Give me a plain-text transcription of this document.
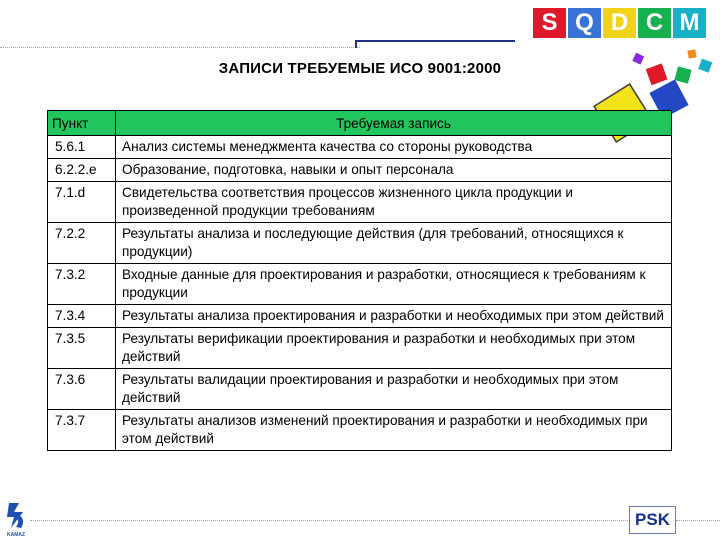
S Q D C M
ЗАПИСИ ТРЕБУЕМЫЕ ИСО 9001:2000
Пункт	Требуемая запись
5.6.1	Анализ системы менеджмента качества со стороны руководства
6.2.2.e	Образование, подготовка, навыки и опыт персонала
7.1.d	Свидетельства соответствия процессов жизненного цикла продукции и произведенной продукции требованиям
7.2.2	Результаты анализа и последующие действия (для требований, относящихся к продукции)
7.3.2	Входные данные для проектирования и разработки, относящиеся к требованиям к продукции
7.3.4	Результаты анализа проектирования и разработки и необходимых при этом действий
7.3.5	Результаты верификации проектирования и разработки и необходимых при этом действий
7.3.6	Результаты валидации проектирования и разработки и необходимых при этом действий
7.3.7	Результаты анализов изменений проектирования и разработки и необходимых при этом действий
KAMAZ
PSK
